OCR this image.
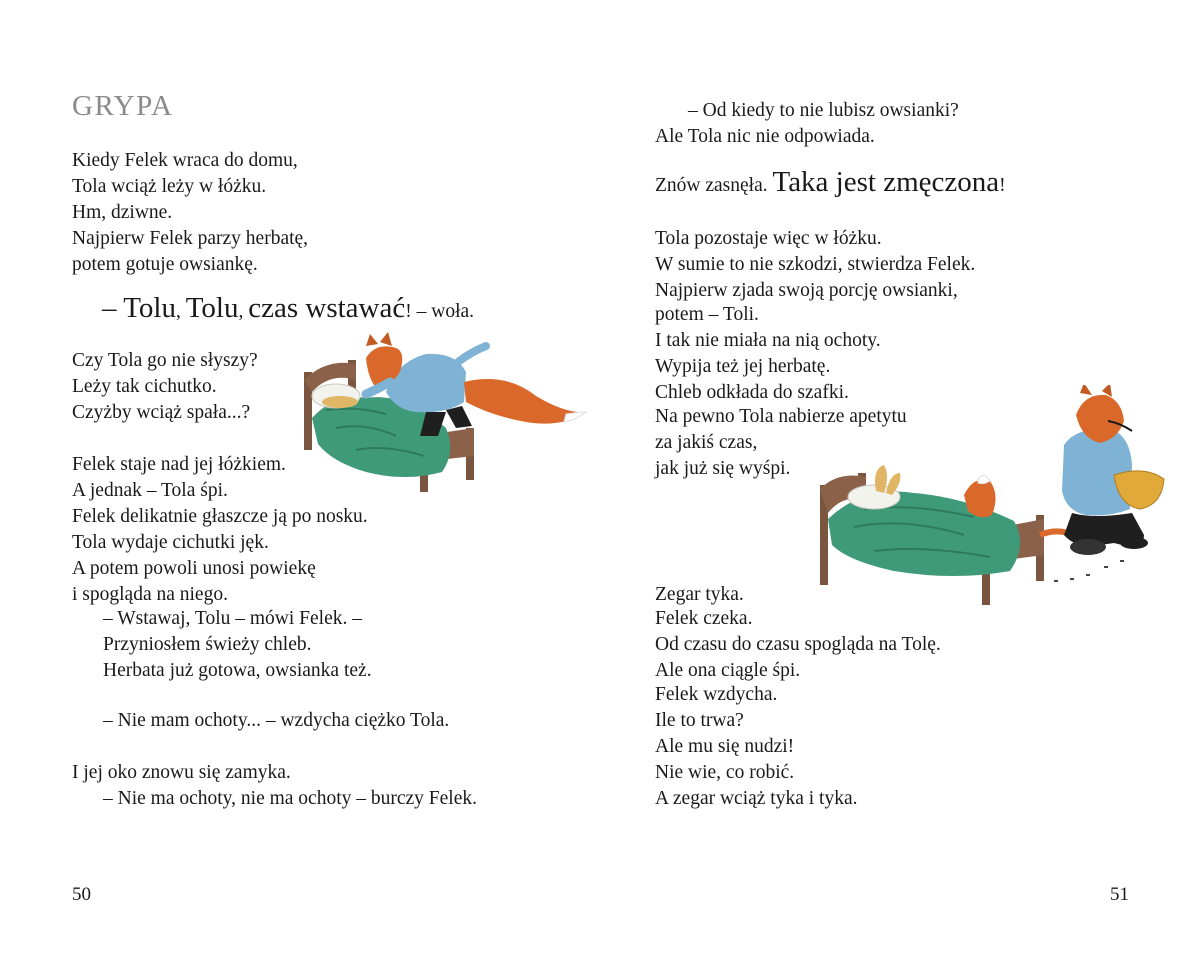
GRYPA
Kiedy Felek wraca do domu,
Tola wciąż leży w łóżku.
Hm, dziwne.
Najpierw Felek parzy herbatę,
potem gotuje owsiankę.
– Tolu, Tolu, czas wstawać! – woła.
Czy Tola go nie słyszy?
Leży tak cichutko.
Czyżby wciąż spała...?
Felek staje nad jej łóżkiem.
A jednak – Tola śpi.
Felek delikatnie głaszcze ją po nosku.
Tola wydaje cichutki jęk.
A potem powoli unosi powiekę
i spogląda na niego.
– Wstawaj, Tolu – mówi Felek. –
Przyniosłem świeży chleb.
Herbata już gotowa, owsianka też.
– Nie mam ochoty... – wzdycha ciężko Tola.
I jej oko znowu się zamyka.
– Nie ma ochoty, nie ma ochoty – burczy Felek.
50
– Od kiedy to nie lubisz owsianki?
Ale Tola nic nie odpowiada.
Znów zasnęła. Taka jest zmęczona!
Tola pozostaje więc w łóżku.
W sumie to nie szkodzi, stwierdza Felek.
Najpierw zjada swoją porcję owsianki,
potem – Toli.
I tak nie miała na nią ochoty.
Wypija też jej herbatę.
Chleb odkłada do szafki.
Na pewno Tola nabierze apetytu
za jakiś czas,
jak już się wyśpi.
Zegar tyka.
Felek czeka.
Od czasu do czasu spogląda na Tolę.
Ale ona ciągle śpi.
Felek wzdycha.
Ile to trwa?
Ale mu się nudzi!
Nie wie, co robić.
A zegar wciąż tyka i tyka.
51
